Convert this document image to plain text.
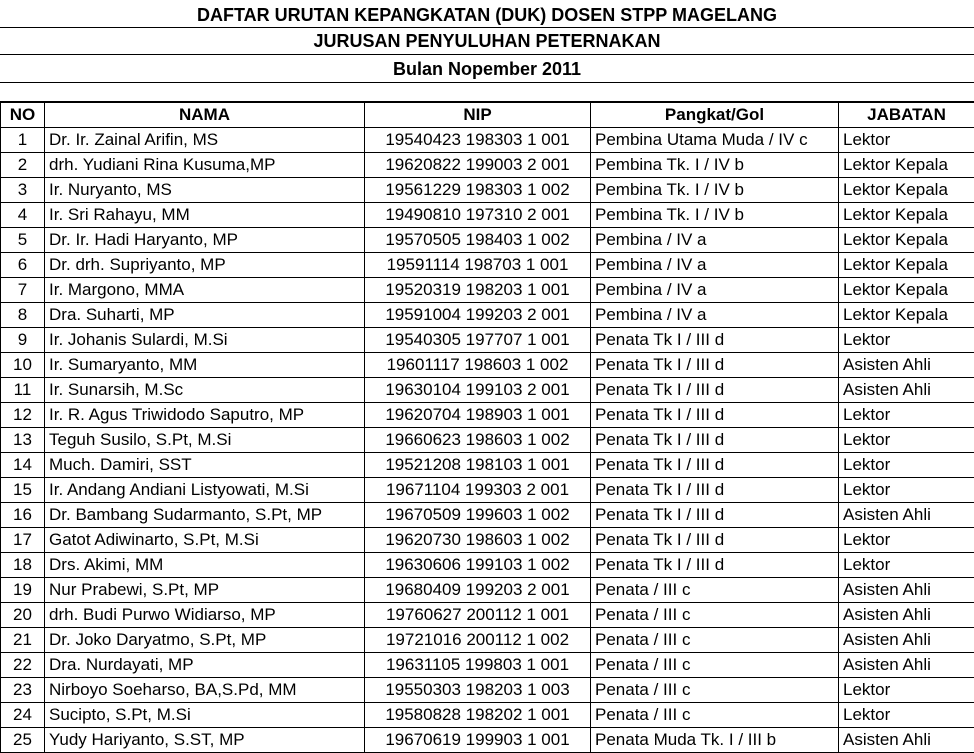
DAFTAR URUTAN KEPANGKATAN (DUK) DOSEN STPP MAGELANG
JURUSAN PENYULUHAN PETERNAKAN
Bulan Nopember 2011
NO	NAMA	NIP	Pangkat/Gol	JABATAN
1	Dr. Ir. Zainal Arifin, MS	19540423 198303 1 001	Pembina Utama Muda / IV c	Lektor
2	drh. Yudiani Rina Kusuma,MP	19620822 199003 2 001	Pembina Tk. I / IV b	Lektor Kepala
3	Ir. Nuryanto, MS	19561229 198303 1 002	Pembina Tk. I / IV b	Lektor Kepala
4	Ir. Sri Rahayu, MM	19490810 197310 2 001	Pembina Tk. I / IV b	Lektor Kepala
5	Dr. Ir. Hadi Haryanto, MP	19570505 198403 1 002	Pembina / IV a	Lektor Kepala
6	Dr. drh. Supriyanto, MP	19591114 198703 1 001	Pembina / IV a	Lektor Kepala
7	Ir. Margono, MMA	19520319 198203 1 001	Pembina / IV a	Lektor Kepala
8	Dra. Suharti, MP	19591004 199203 2 001	Pembina / IV a	Lektor Kepala
9	Ir. Johanis Sulardi, M.Si	19540305 197707 1 001	Penata Tk I / III d	Lektor
10	Ir. Sumaryanto, MM	19601117 198603 1 002	Penata Tk I / III d	Asisten Ahli
11	Ir. Sunarsih, M.Sc	19630104 199103 2 001	Penata Tk I / III d	Asisten Ahli
12	Ir. R. Agus Triwidodo Saputro, MP	19620704 198903 1 001	Penata Tk I / III d	Lektor
13	Teguh Susilo, S.Pt, M.Si	19660623 198603 1 002	Penata Tk I / III d	Lektor
14	Much. Damiri, SST	19521208 198103 1 001	Penata Tk I / III d	Lektor
15	Ir. Andang Andiani Listyowati, M.Si	19671104 199303 2 001	Penata Tk I / III d	Lektor
16	Dr. Bambang Sudarmanto, S.Pt, MP	19670509 199603 1 002	Penata Tk I / III d	Asisten Ahli
17	Gatot Adiwinarto, S.Pt, M.Si	19620730 198603 1 002	Penata Tk I / III d	Lektor
18	Drs. Akimi, MM	19630606 199103 1 002	Penata Tk I / III d	Lektor
19	Nur Prabewi, S.Pt, MP	19680409 199203 2 001	Penata / III c	Asisten Ahli
20	drh. Budi Purwo Widiarso, MP	19760627 200112 1 001	Penata / III c	Asisten Ahli
21	Dr. Joko Daryatmo, S.Pt, MP	19721016 200112 1 002	Penata / III c	Asisten Ahli
22	Dra. Nurdayati, MP	19631105 199803 1 001	Penata / III c	Asisten Ahli
23	Nirboyo Soeharso, BA,S.Pd, MM	19550303 198203 1 003	Penata / III c	Lektor
24	Sucipto, S.Pt, M.Si	19580828 198202 1 001	Penata / III c	Lektor
25	Yudy Hariyanto, S.ST, MP	19670619 199903 1 001	Penata Muda Tk. I / III b	Asisten Ahli
